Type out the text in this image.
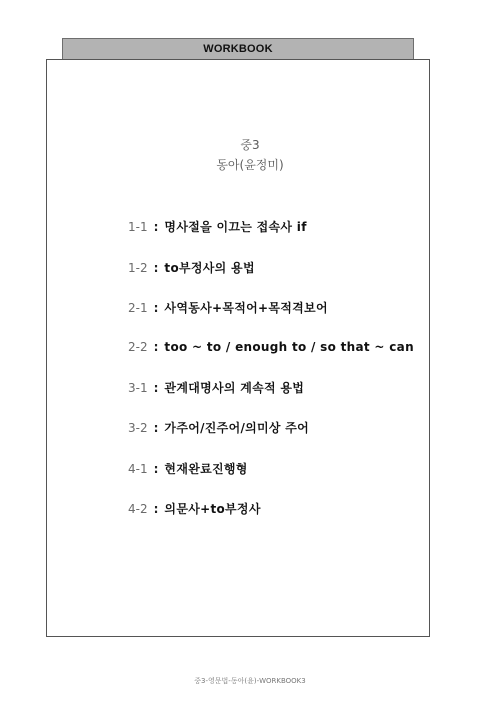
WORKBOOK
중3
동아(윤정미)
1-1 : 명사절을 이끄는 접속사 if
1-2 : to부정사의 용법
2-1 : 사역동사+목적어+목적격보어
2-2 : too ~ to / enough to / so that ~ can
3-1 : 관계대명사의 계속적 용법
3-2 : 가주어/진주어/의미상 주어
4-1 : 현재완료진행형
4-2 : 의문사+to부정사
중3-영문법-동아(윤)-WORKBOOK3
